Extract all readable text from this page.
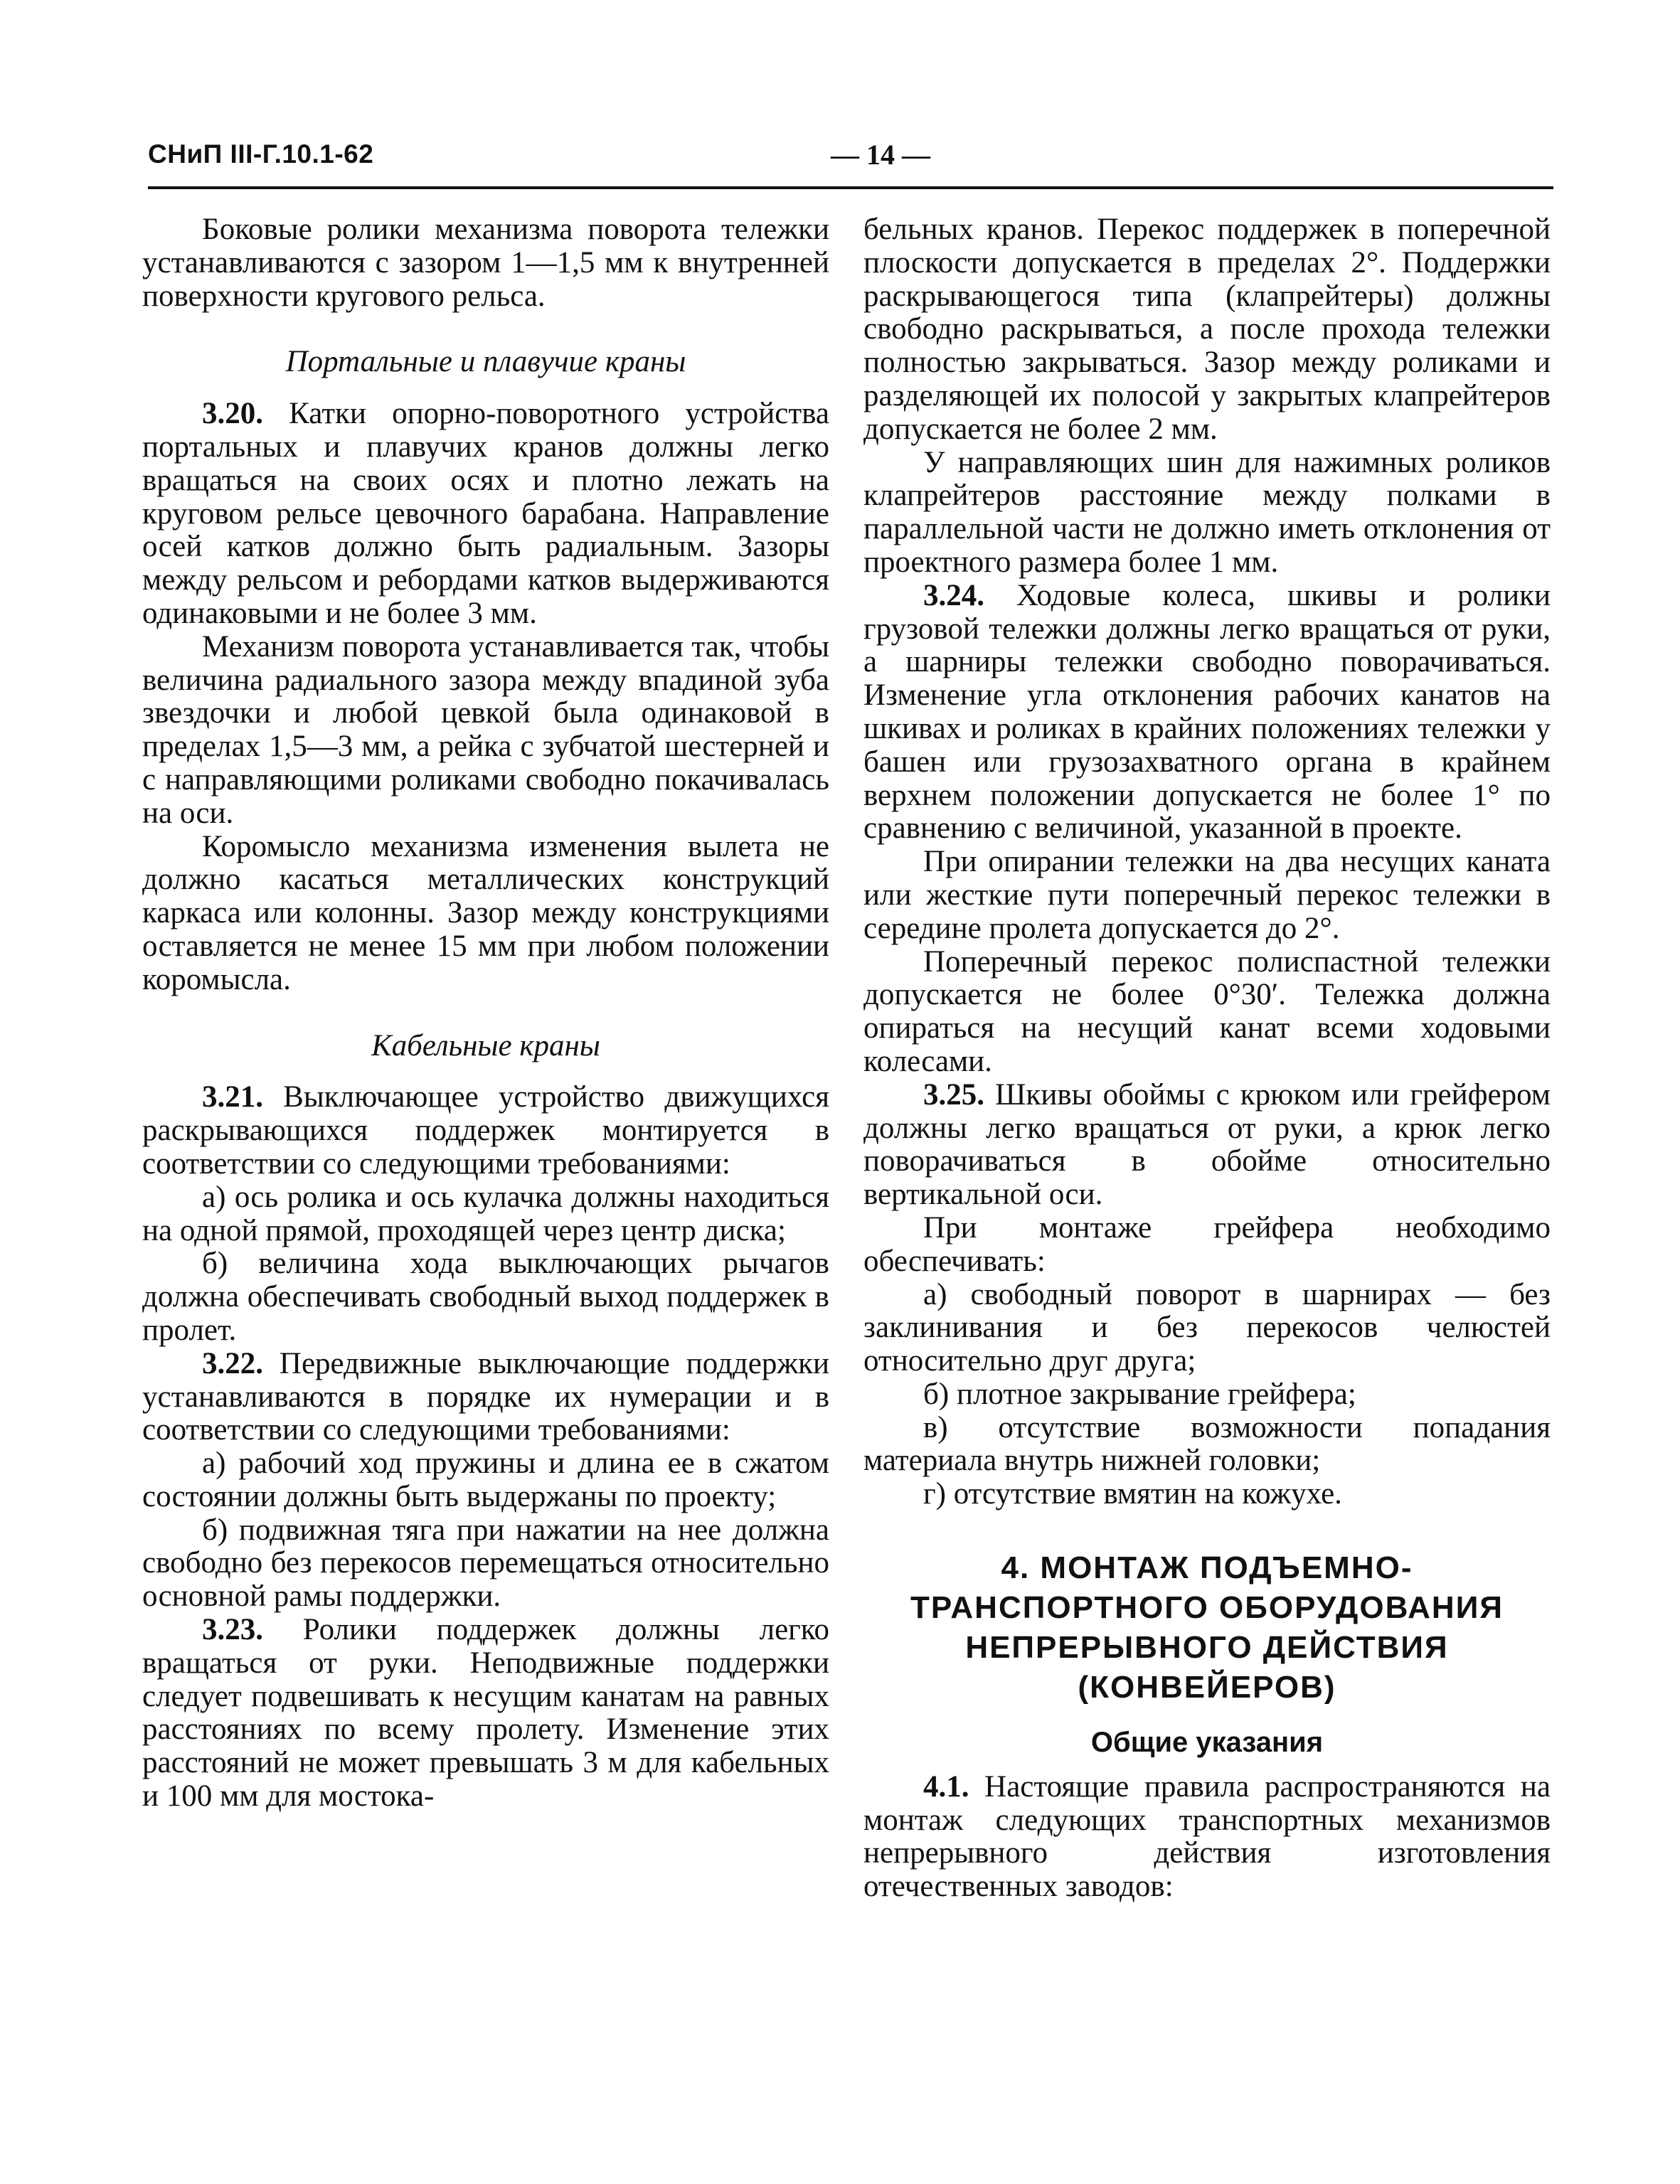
СНиП III-Г.10.1-62	— 14 —

Боковые ролики механизма поворота тележки устанавливаются с зазором 1—1,5 мм к внутренней поверхности кругового рельса.

Портальные и плавучие краны

3.20. Катки опорно-поворотного устройства портальных и плавучих кранов должны легко вращаться на своих осях и плотно лежать на круговом рельсе цевочного барабана. Направление осей катков должно быть радиальным. Зазоры между рельсом и ребордами катков выдерживаются одинаковыми и не более 3 мм.

Механизм поворота устанавливается так, чтобы величина радиального зазора между впадиной зуба звездочки и любой цевкой была одинаковой в пределах 1,5—3 мм, а рейка с зубчатой шестерней и с направляющими роликами свободно покачивалась на оси.

Коромысло механизма изменения вылета не должно касаться металлических конструкций каркаса или колонны. Зазор между конструкциями оставляется не менее 15 мм при любом положении коромысла.

Кабельные краны

3.21. Выключающее устройство движущихся раскрывающихся поддержек монтируется в соответствии со следующими требованиями:

а) ось ролика и ось кулачка должны находиться на одной прямой, проходящей через центр диска;

б) величина хода выключающих рычагов должна обеспечивать свободный выход поддержек в пролет.

3.22. Передвижные выключающие поддержки устанавливаются в порядке их нумерации и в соответствии со следующими требованиями:

а) рабочий ход пружины и длина ее в сжатом состоянии должны быть выдержаны по проекту;

б) подвижная тяга при нажатии на нее должна свободно без перекосов перемещаться относительно основной рамы поддержки.

3.23. Ролики поддержек должны легко вращаться от руки. Неподвижные поддержки следует подвешивать к несущим канатам на равных расстояниях по всему пролету. Изменение этих расстояний не может превышать 3 м для кабельных и 100 мм для мостока-

бельных кранов. Перекос поддержек в поперечной плоскости допускается в пределах 2°. Поддержки раскрывающегося типа (клапрейтеры) должны свободно раскрываться, а после прохода тележки полностью закрываться. Зазор между роликами и разделяющей их полосой у закрытых клапрейтеров допускается не более 2 мм.

У направляющих шин для нажимных роликов клапрейтеров расстояние между полками в параллельной части не должно иметь отклонения от проектного размера более 1 мм.

3.24. Ходовые колеса, шкивы и ролики грузовой тележки должны легко вращаться от руки, а шарниры тележки свободно поворачиваться. Изменение угла отклонения рабочих канатов на шкивах и роликах в крайних положениях тележки у башен или грузозахватного органа в крайнем верхнем положении допускается не более 1° по сравнению с величиной, указанной в проекте.

При опирании тележки на два несущих каната или жесткие пути поперечный перекос тележки в середине пролета допускается до 2°.

Поперечный перекос полиспастной тележки допускается не более 0°30′. Тележка должна опираться на несущий канат всеми ходовыми колесами.

3.25. Шкивы обоймы с крюком или грейфером должны легко вращаться от руки, а крюк легко поворачиваться в обойме относительно вертикальной оси.

При монтаже грейфера необходимо обеспечивать:

а) свободный поворот в шарнирах — без заклинивания и без перекосов челюстей относительно друг друга;

б) плотное закрывание грейфера;

в) отсутствие возможности попадания материала внутрь нижней головки;

г) отсутствие вмятин на кожухе.

4. МОНТАЖ ПОДЪЕМНО-
ТРАНСПОРТНОГО ОБОРУДОВАНИЯ
НЕПРЕРЫВНОГО ДЕЙСТВИЯ
(КОНВЕЙЕРОВ)

Общие указания

4.1. Настоящие правила распространяются на монтаж следующих транспортных механизмов непрерывного действия изготовления отечественных заводов:
